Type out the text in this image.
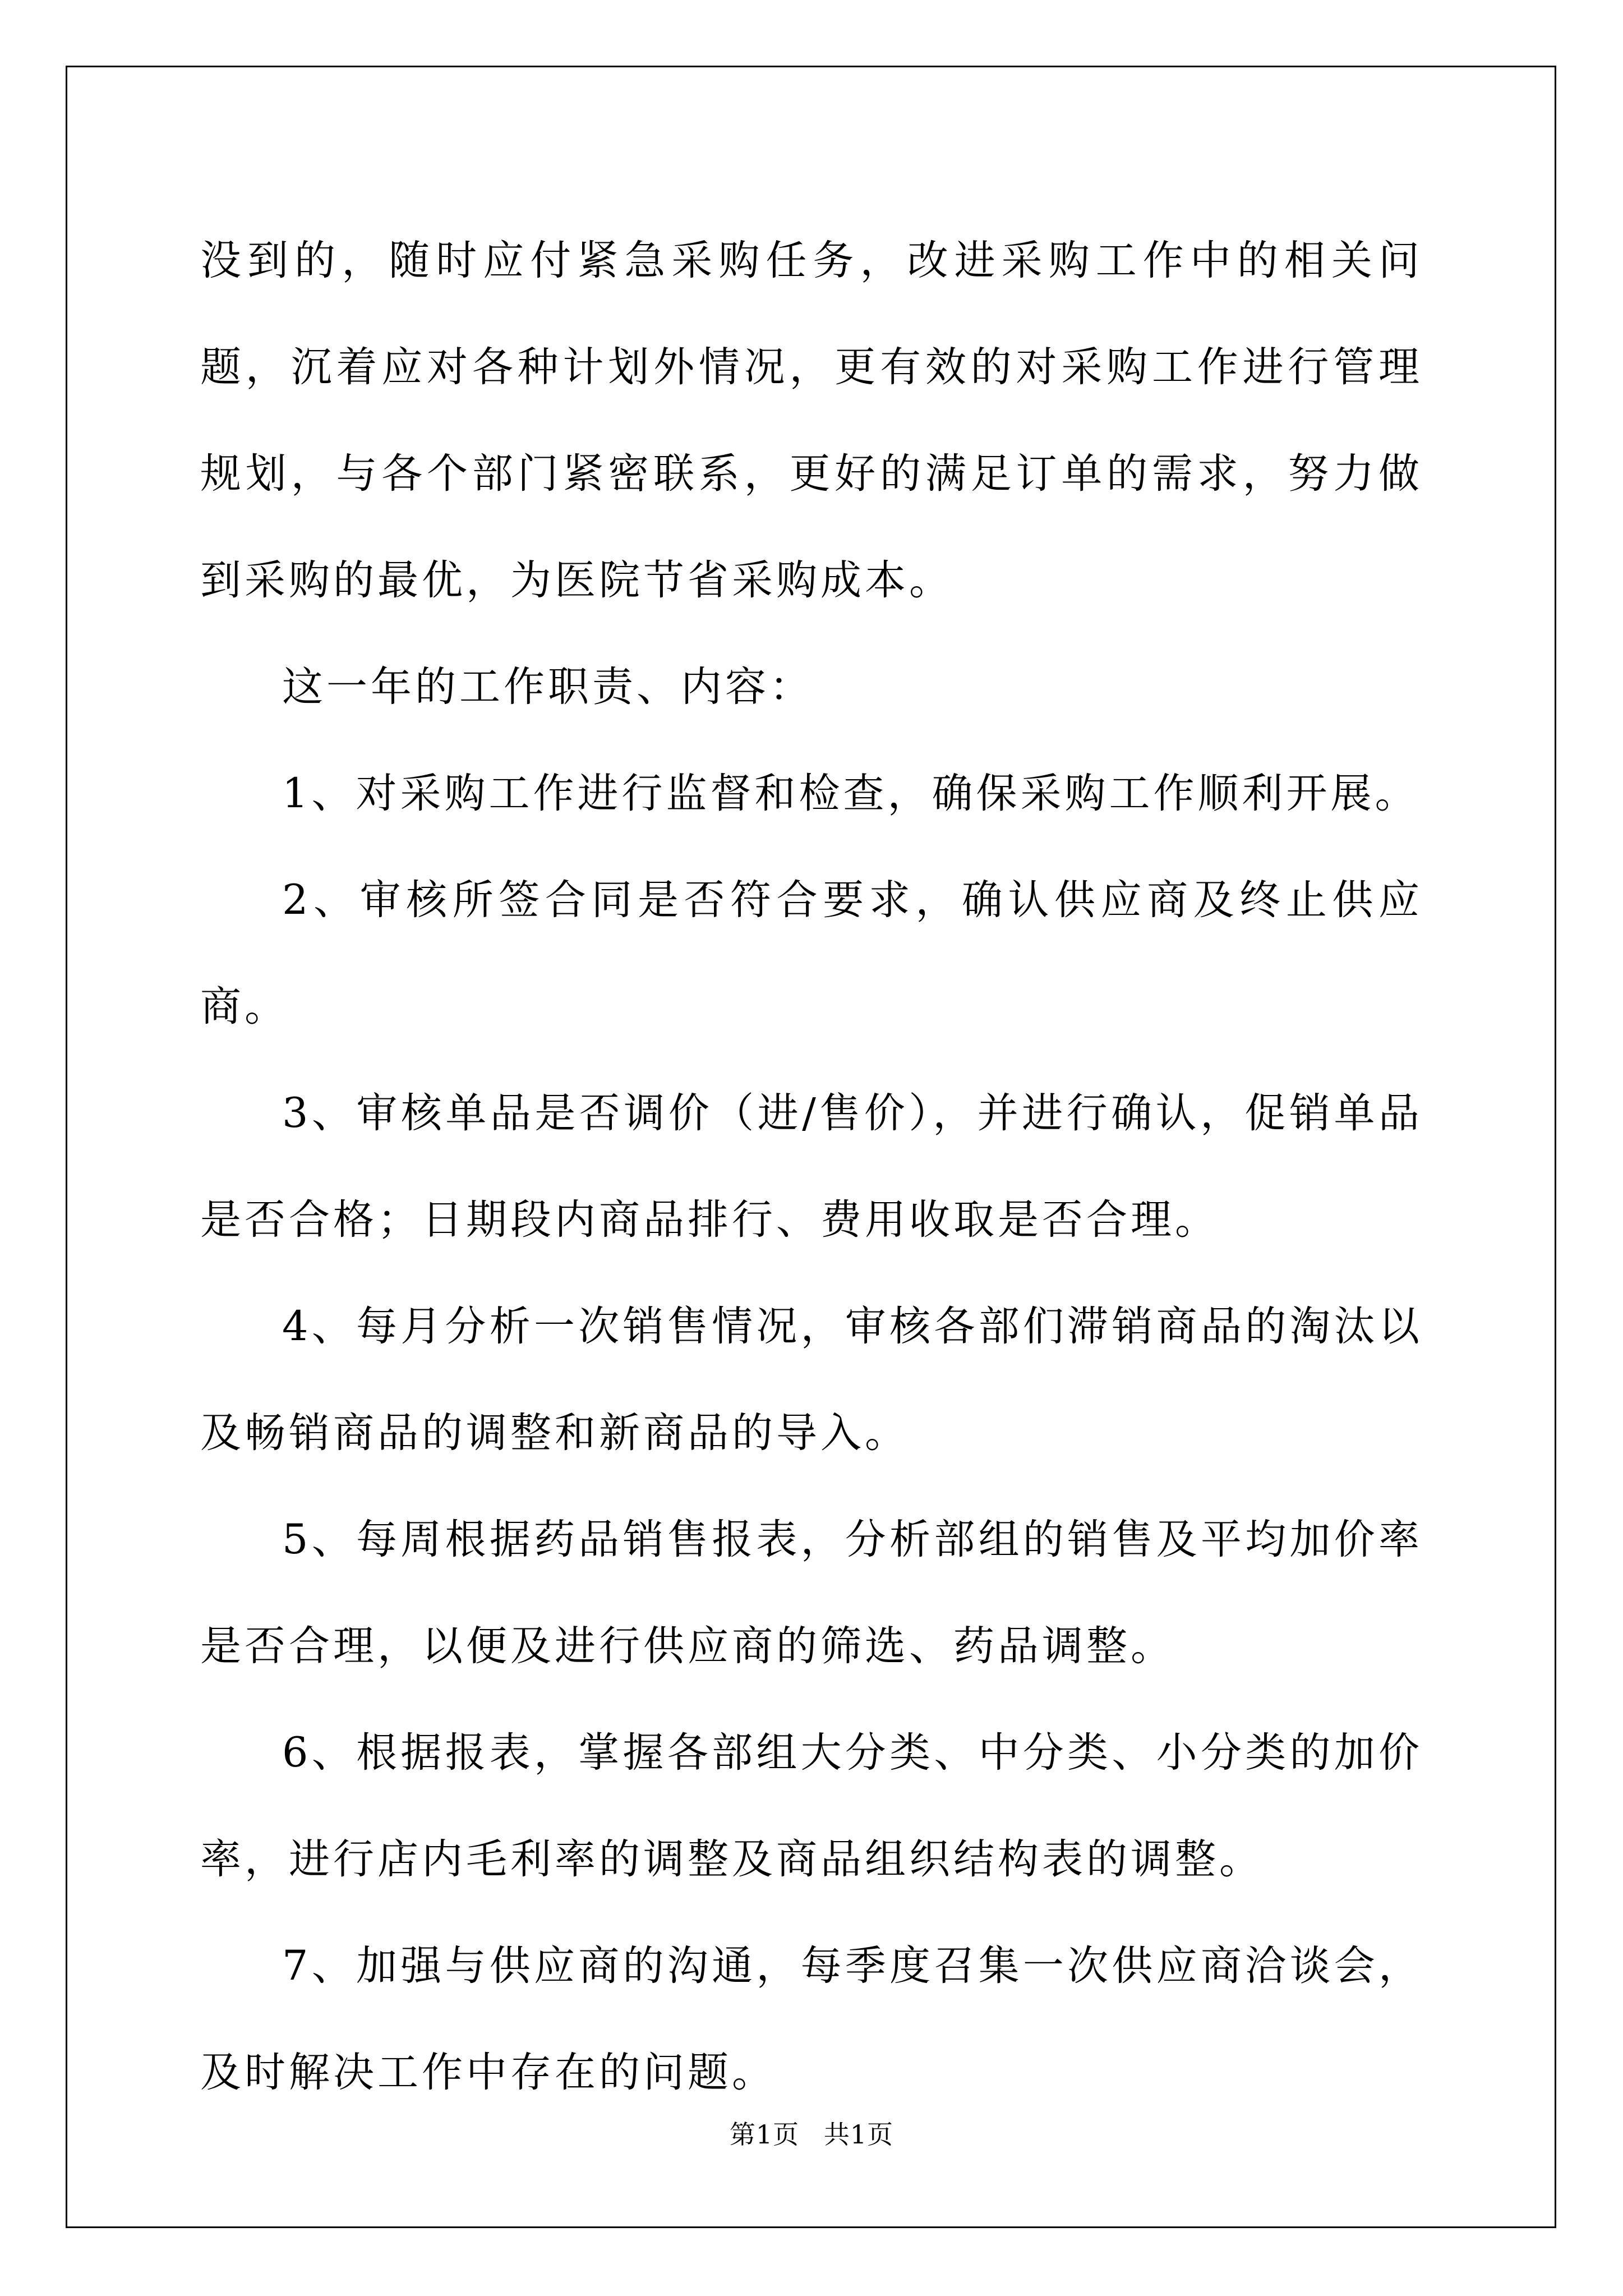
没到的，随时应付紧急采购任务，改进采购工作中的相关问题，沉着应对各种计划外情况，更有效的对采购工作进行管理规划，与各个部门紧密联系，更好的满足订单的需求，努力做到采购的最优，为医院节省采购成本。

这一年的工作职责、内容：

1、对采购工作进行监督和检查，确保采购工作顺利开展。

2、审核所签合同是否符合要求，确认供应商及终止供应商。

3、审核单品是否调价（进/售价），并进行确认，促销单品是否合格；日期段内商品排行、费用收取是否合理。

4、每月分析一次销售情况，审核各部们滞销商品的淘汰以及畅销商品的调整和新商品的导入。

5、每周根据药品销售报表，分析部组的销售及平均加价率是否合理，以便及进行供应商的筛选、药品调整。

6、根据报表，掌握各部组大分类、中分类、小分类的加价率，进行店内毛利率的调整及商品组织结构表的调整。

7、加强与供应商的沟通，每季度召集一次供应商洽谈会，及时解决工作中存在的问题。

第1页 共1页
